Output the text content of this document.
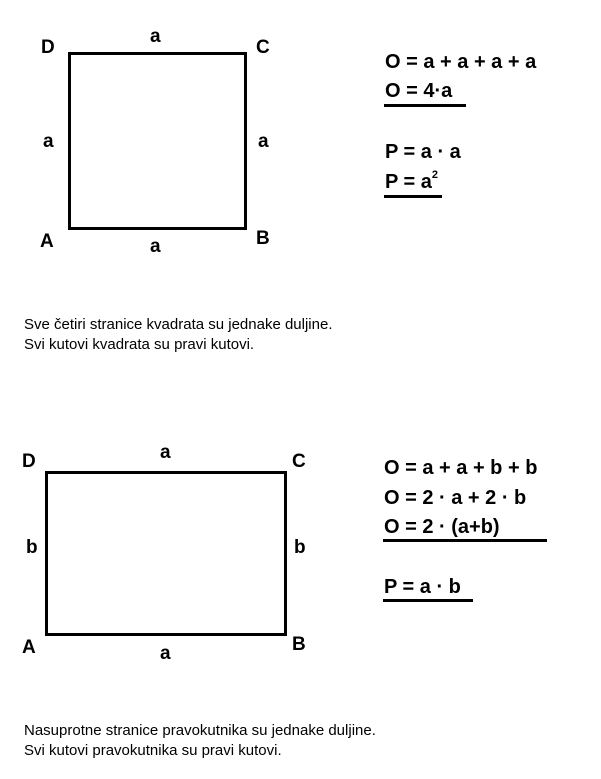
D	C
A	B
a
a
a	a
O = a + a + a + a
O = 4·a
P = a · a
$P = a^2$
Sve četiri stranice kvadrata su jednake duljine.
Svi kutovi kvadrata su pravi kutovi.
D	C
A	B
a
a
b	b
O = a + a + b + b
O = 2 · a + 2 · b
O = 2 · (a+b)
P = a · b
Nasuprotne stranice pravokutnika su jednake duljine.
Svi kutovi pravokutnika su pravi kutovi.
